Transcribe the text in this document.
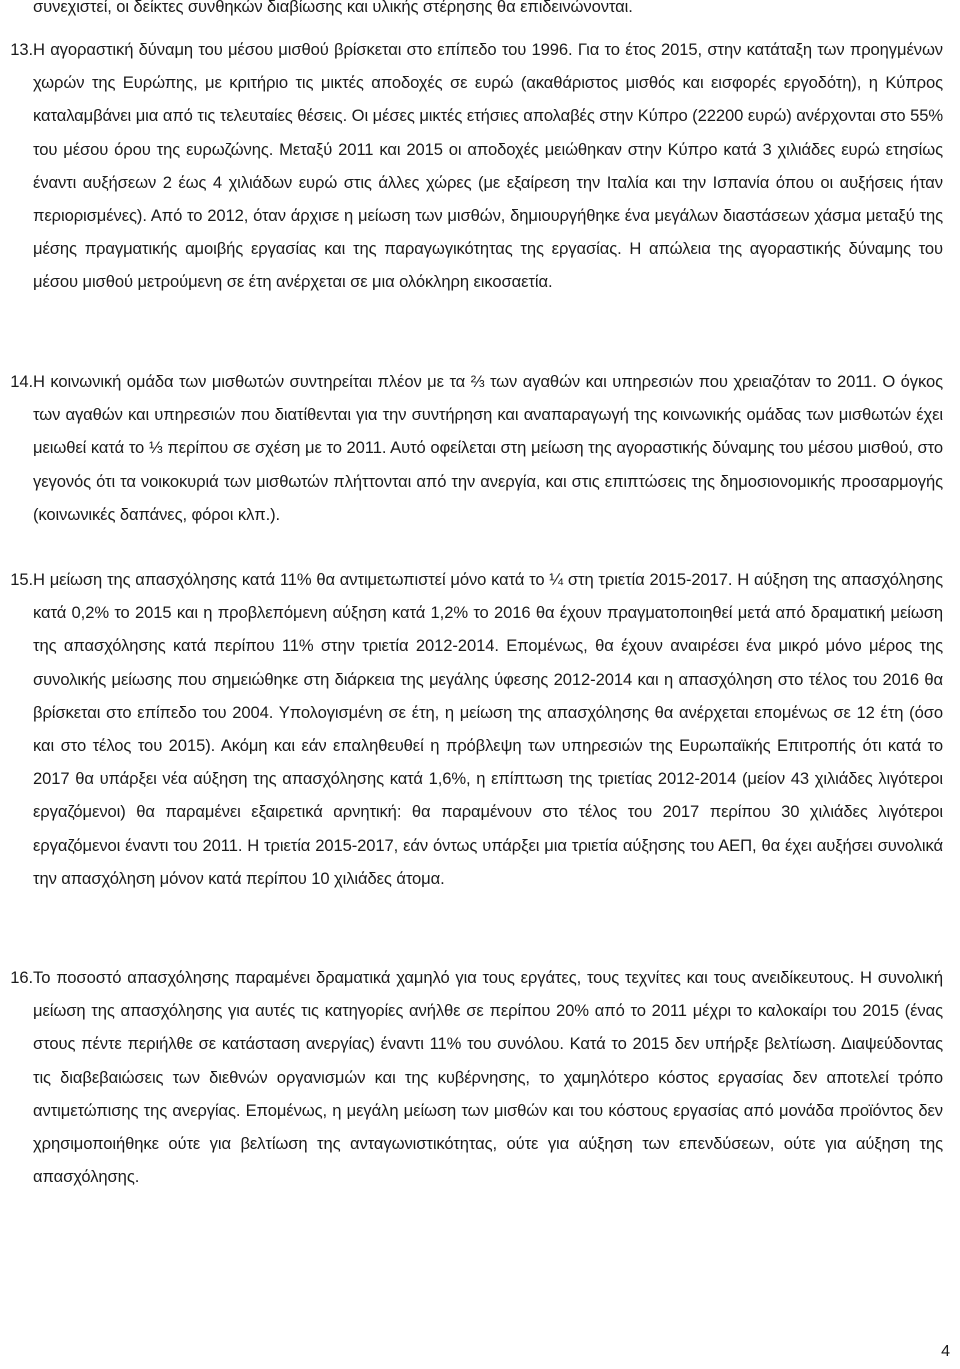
συνεχιστεί, οι δείκτες συνθηκών διαβίωσης και υλικής στέρησης θα επιδεινώνονται.
13. Η αγοραστική δύναμη του μέσου μισθού βρίσκεται στο επίπεδο του 1996. Για το έτος 2015, στην κατάταξη των προηγμένων χωρών της Ευρώπης, με κριτήριο τις μικτές αποδοχές σε ευρώ (ακαθάριστος μισθός και εισφορές εργοδότη), η Κύπρος καταλαμβάνει μια από τις τελευταίες θέσεις. Οι μέσες μικτές ετήσιες απολαβές στην Κύπρο (22200 ευρώ) ανέρχονται στο 55% του μέσου όρου της ευρωζώνης. Μεταξύ 2011 και 2015 οι αποδοχές μειώθηκαν στην Κύπρο κατά 3 χιλιάδες ευρώ ετησίως έναντι αυξήσεων 2 έως 4 χιλιάδων ευρώ στις άλλες χώρες (με εξαίρεση την Ιταλία και την Ισπανία όπου οι αυξήσεις ήταν περιορισμένες). Από το 2012, όταν άρχισε η μείωση των μισθών, δημιουργήθηκε ένα μεγάλων διαστάσεων χάσμα μεταξύ της μέσης πραγματικής αμοιβής εργασίας και της παραγωγικότητας της εργασίας. Η απώλεια της αγοραστικής δύναμης του μέσου μισθού μετρούμενη σε έτη ανέρχεται σε μια ολόκληρη εικοσαετία.
14. Η κοινωνική ομάδα των μισθωτών συντηρείται πλέον με τα ⅔ των αγαθών και υπηρεσιών που χρειαζόταν το 2011. Ο όγκος των αγαθών και υπηρεσιών που διατίθενται για την συντήρηση και αναπαραγωγή της κοινωνικής ομάδας των μισθωτών έχει μειωθεί κατά το ⅓ περίπου σε σχέση με το 2011. Αυτό οφείλεται στη μείωση της αγοραστικής δύναμης του μέσου μισθού, στο γεγονός ότι τα νοικοκυριά των μισθωτών πλήττονται από την ανεργία, και στις επιπτώσεις της δημοσιονομικής προσαρμογής (κοινωνικές δαπάνες, φόροι κλπ.).
15. Η μείωση της απασχόλησης κατά 11% θα αντιμετωπιστεί μόνο κατά το ¼ στη τριετία 2015-2017. Η αύξηση της απασχόλησης κατά 0,2% το 2015 και η προβλεπόμενη αύξηση κατά 1,2% το 2016 θα έχουν πραγματοποιηθεί μετά από δραματική μείωση της απασχόλησης κατά περίπου 11% στην τριετία 2012-2014. Επομένως, θα έχουν αναιρέσει ένα μικρό μόνο μέρος της συνολικής μείωσης που σημειώθηκε στη διάρκεια της μεγάλης ύφεσης 2012-2014 και η απασχόληση στο τέλος του 2016 θα βρίσκεται στο επίπεδο του 2004. Υπολογισμένη σε έτη, η μείωση της απασχόλησης θα ανέρχεται επομένως σε 12 έτη (όσο και στο τέλος του 2015). Ακόμη και εάν επαληθευθεί η πρόβλεψη των υπηρεσιών της Ευρωπαϊκής Επιτροπής ότι κατά το 2017 θα υπάρξει νέα αύξηση της απασχόλησης κατά 1,6%, η επίπτωση της τριετίας 2012-2014 (μείον 43 χιλιάδες λιγότεροι εργαζόμενοι) θα παραμένει εξαιρετικά αρνητική: θα παραμένουν στο τέλος του 2017 περίπου 30 χιλιάδες λιγότεροι εργαζόμενοι έναντι του 2011. Η τριετία 2015-2017, εάν όντως υπάρξει μια τριετία αύξησης του ΑΕΠ, θα έχει αυξήσει συνολικά την απασχόληση μόνον κατά περίπου 10 χιλιάδες άτομα.
16. Το ποσοστό απασχόλησης παραμένει δραματικά χαμηλό για τους εργάτες, τους τεχνίτες και τους ανειδίκευτους. Η συνολική μείωση της απασχόλησης για αυτές τις κατηγορίες ανήλθε σε περίπου 20% από το 2011 μέχρι το καλοκαίρι του 2015 (ένας στους πέντε περιήλθε σε κατάσταση ανεργίας) έναντι 11% του συνόλου. Κατά το 2015 δεν υπήρξε βελτίωση. Διαψεύδοντας τις διαβεβαιώσεις των διεθνών οργανισμών και της κυβέρνησης, το χαμηλότερο κόστος εργασίας δεν αποτελεί τρόπο αντιμετώπισης της ανεργίας. Επομένως, η μεγάλη μείωση των μισθών και του κόστους εργασίας από μονάδα προϊόντος δεν χρησιμοποιήθηκε ούτε για βελτίωση της ανταγωνιστικότητας, ούτε για αύξηση των επενδύσεων, ούτε για αύξηση της απασχόλησης.
4
